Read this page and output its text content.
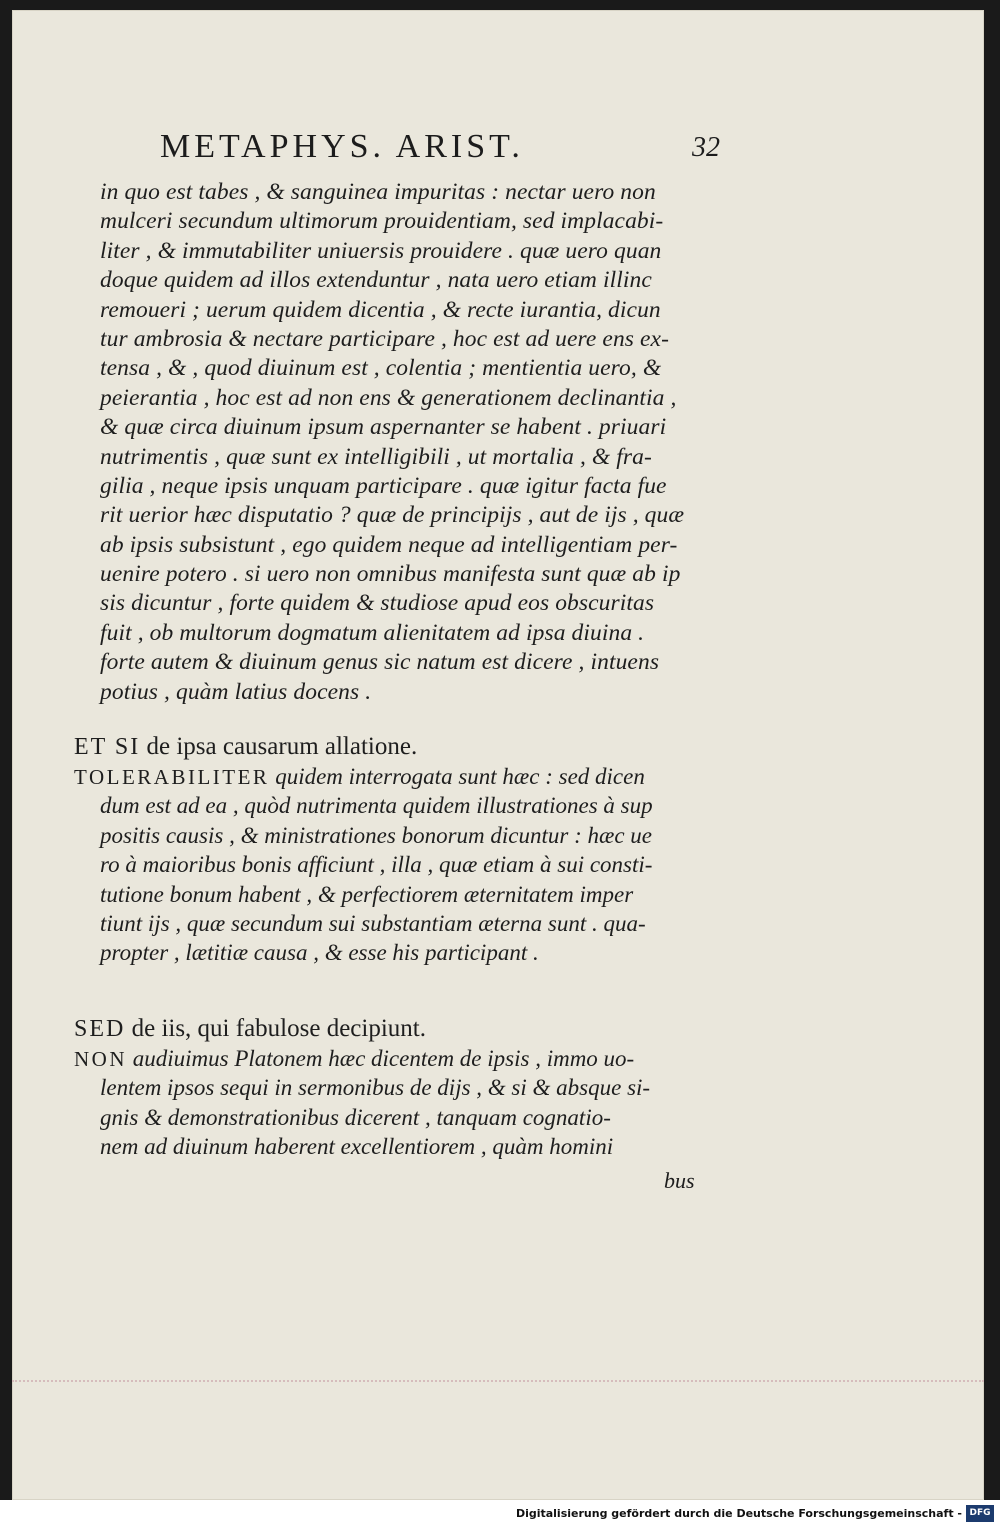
METAPHYS. ARIST.	32
in quo est tabes , & sanguinea impuritas : nectar uero non
mulceri secundum ultimorum prouidentiam, sed implacabi-
liter , & immutabiliter uniuersis prouidere . quæ uero quan
doque quidem ad illos extenduntur , nata uero etiam illinc
remoueri ; uerum quidem dicentia , & recte iurantia, dicun
tur ambrosia & nectare participare , hoc est ad uere ens ex-
tensa , & , quod diuinum est , colentia ; mentientia uero, &
peierantia , hoc est ad non ens & generationem declinantia ,
& quæ circa diuinum ipsum aspernanter se habent . priuari
nutrimentis , quæ sunt ex intelligibili , ut mortalia , & fra-
gilia , neque ipsis unquam participare . quæ igitur facta fue
rit uerior hæc disputatio ? quæ de principijs , aut de ijs , quæ
ab ipsis subsistunt , ego quidem neque ad intelligentiam per-
uenire potero . si uero non omnibus manifesta sunt quæ ab ip
sis dicuntur , forte quidem & studiose apud eos obscuritas
fuit , ob multorum dogmatum alienitatem ad ipsa diuina .
forte autem & diuinum genus sic natum est dicere , intuens
potius , quàm latius docens .
ET SI de ipsa causarum allatione.
TOLERABILITER quidem interrogata sunt hæc : sed dicen
dum est ad ea , quòd nutrimenta quidem illustrationes à sup
positis causis , & ministrationes bonorum dicuntur : hæc ue
ro à maioribus bonis afficiunt , illa , quæ etiam à sui consti-
tutione bonum habent , & perfectiorem æternitatem imper
tiunt ijs , quæ secundum sui substantiam æterna sunt . qua-
propter , lætitiæ causa , & esse his participant .
SED de iis, qui fabulose decipiunt.
NON audiuimus Platonem hæc dicentem de ipsis , immo uo-
lentem ipsos sequi in sermonibus de dijs , & si & absque si-
gnis & demonstrationibus dicerent , tanquam cognatio-
nem ad diuinum haberent excellentiorem , quàm homini
bus
Digitalisierung gefördert durch die Deutsche Forschungsgemeinschaft - DFG
